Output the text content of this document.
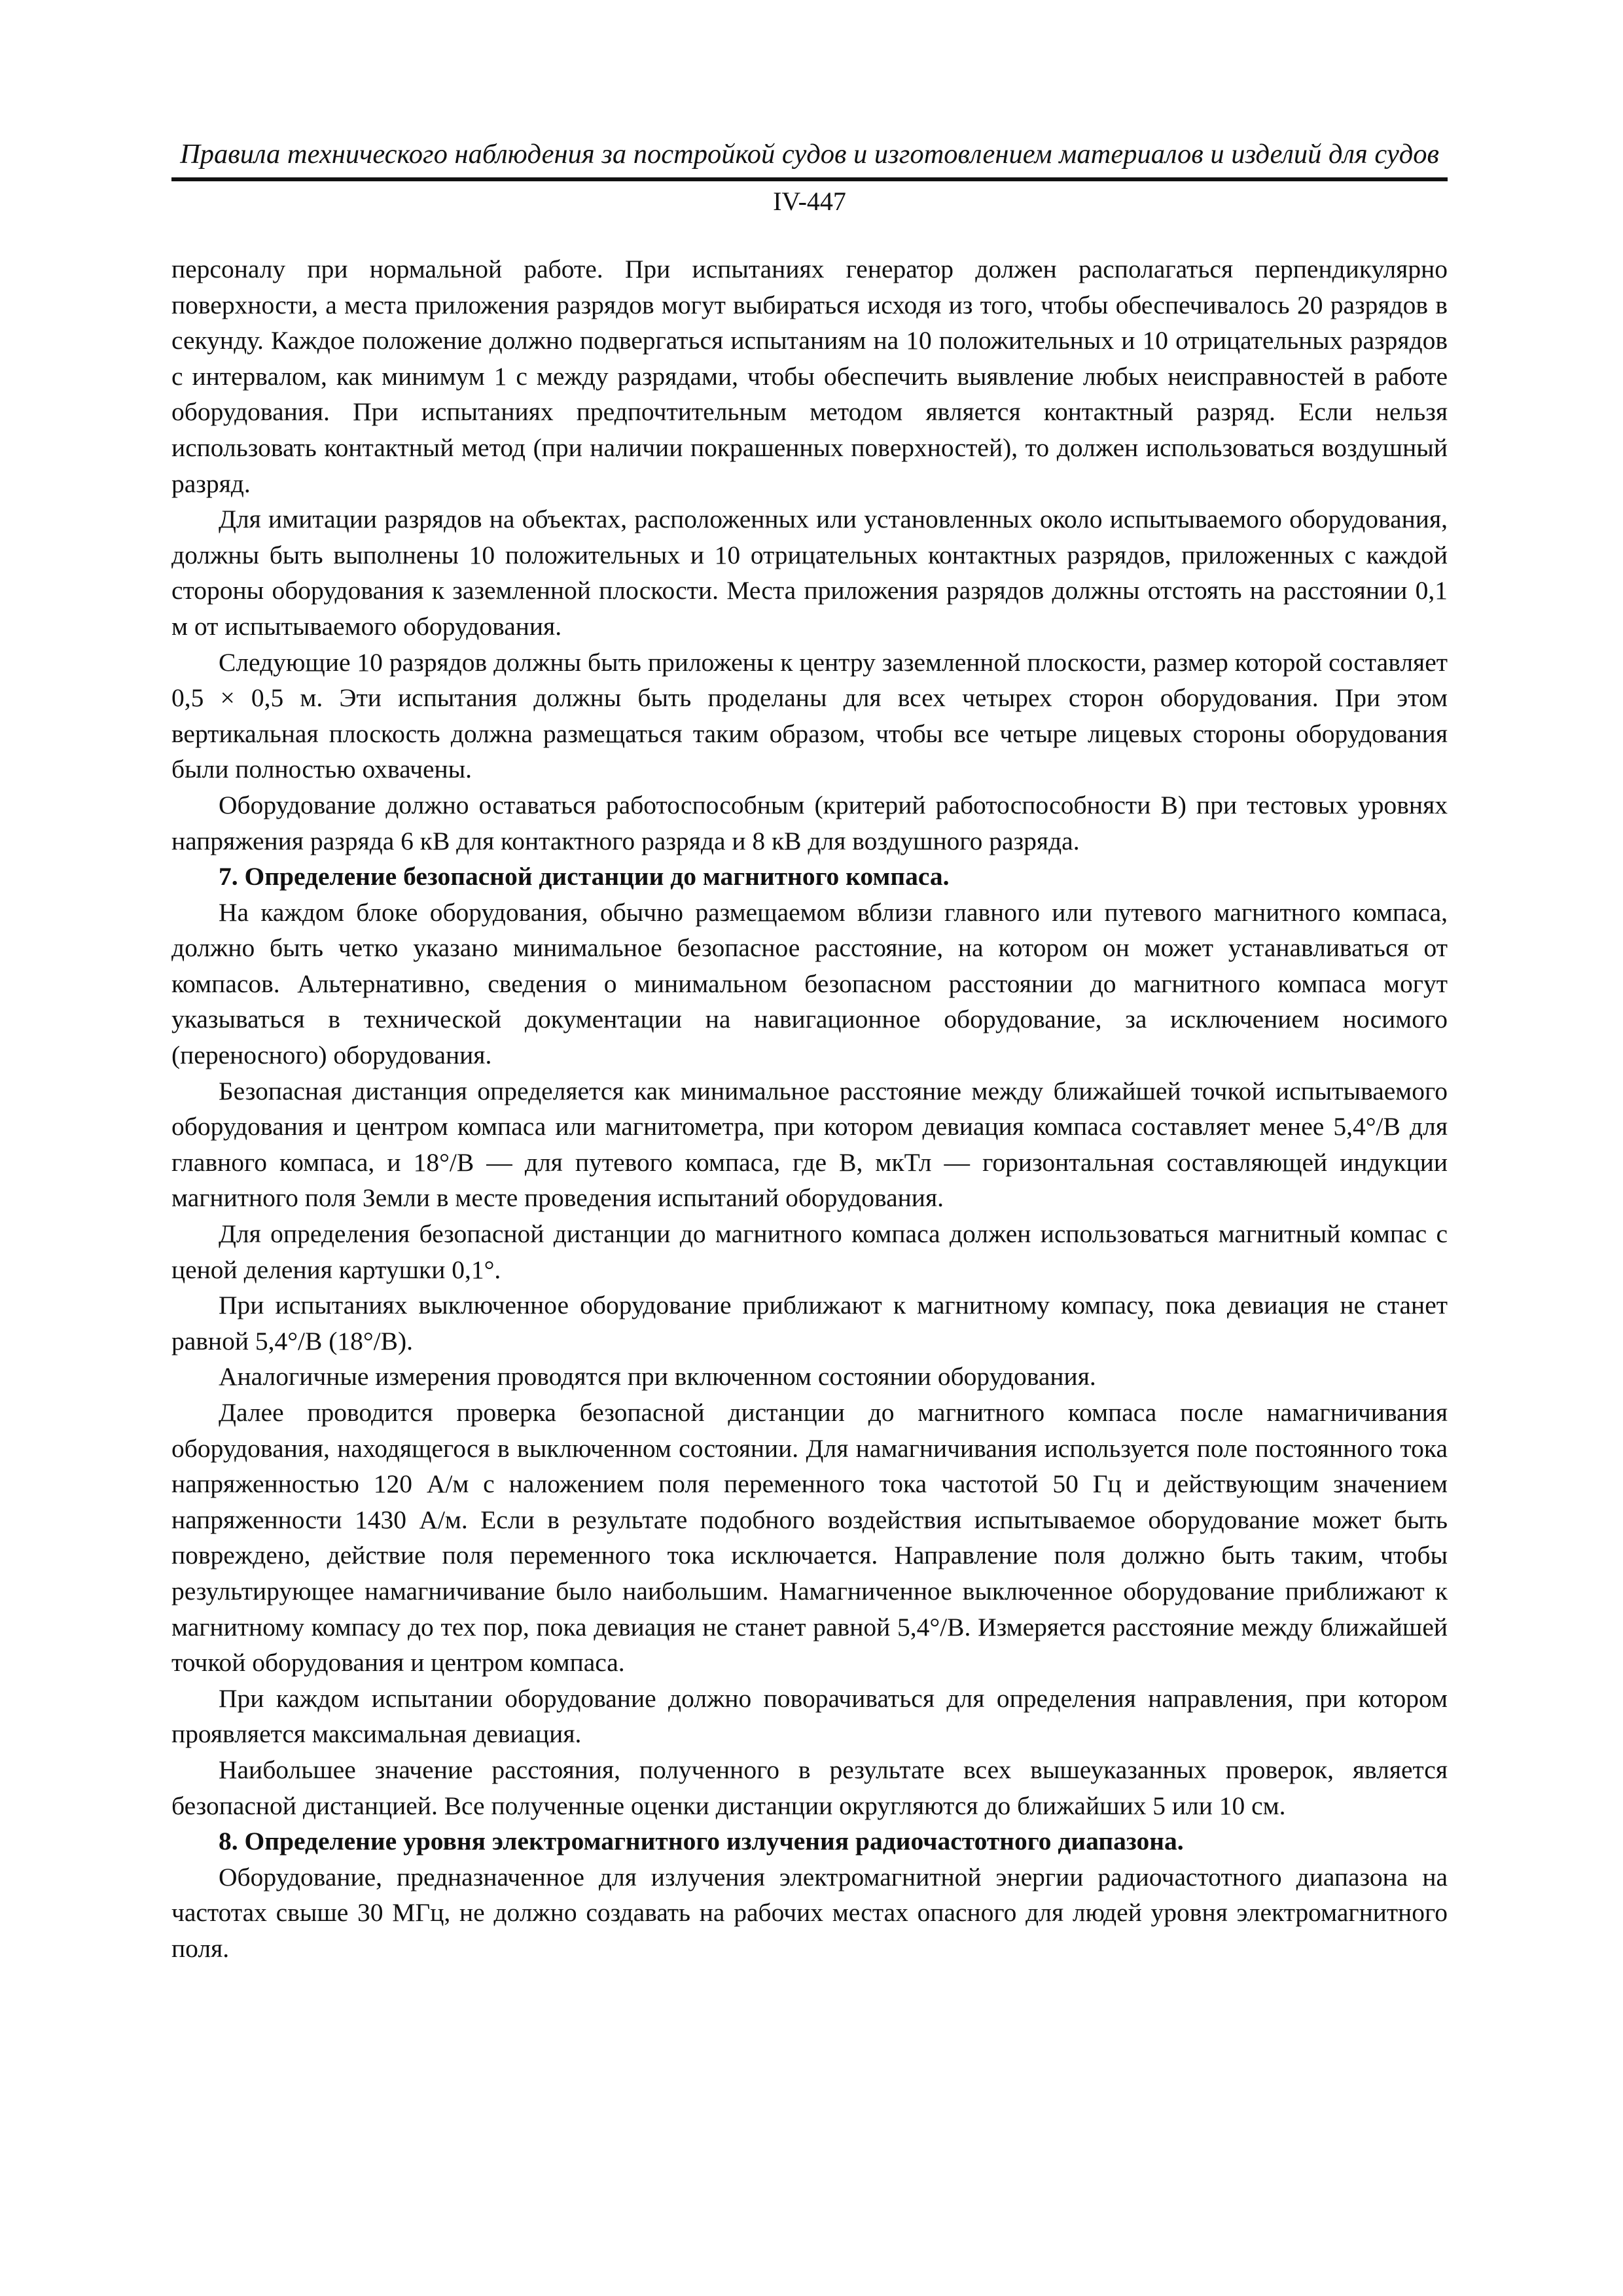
Правила технического наблюдения за постройкой судов и изготовлением материалов и изделий для судов
IV-447

персоналу при нормальной работе. При испытаниях генератор должен располагаться перпендикулярно поверхности, а места приложения разрядов могут выбираться исходя из того, чтобы обеспечивалось 20 разрядов в секунду. Каждое положение должно подвергаться испытаниям на 10 положительных и 10 отрицательных разрядов с интервалом, как минимум 1 с между разрядами, чтобы обеспечить выявление любых неисправностей в работе оборудования. При испытаниях предпочтительным методом является контактный разряд. Если нельзя использовать контактный метод (при наличии покрашенных поверхностей), то должен использоваться воздушный разряд.

Для имитации разрядов на объектах, расположенных или установленных около испытываемого оборудования, должны быть выполнены 10 положительных и 10 отрицательных контактных разрядов, приложенных с каждой стороны оборудования к заземленной плоскости. Места приложения разрядов должны отстоять на расстоянии 0,1 м от испытываемого оборудования.

Следующие 10 разрядов должны быть приложены к центру заземленной плоскости, размер которой составляет 0,5 × 0,5 м. Эти испытания должны быть проделаны для всех четырех сторон оборудования. При этом вертикальная плоскость должна размещаться таким образом, чтобы все четыре лицевых стороны оборудования были полностью охвачены.

Оборудование должно оставаться работоспособным (критерий работоспособности В) при тестовых уровнях напряжения разряда 6 кВ для контактного разряда и 8 кВ для воздушного разряда.

7. Определение безопасной дистанции до магнитного компаса.

На каждом блоке оборудования, обычно размещаемом вблизи главного или путевого магнитного компаса, должно быть четко указано минимальное безопасное расстояние, на котором он может устанавливаться от компасов. Альтернативно, сведения о минимальном безопасном расстоянии до магнитного компаса могут указываться в технической документации на навигационное оборудование, за исключением носимого (переносного) оборудования.

Безопасная дистанция определяется как минимальное расстояние между ближайшей точкой испытываемого оборудования и центром компаса или магнитометра, при котором девиация компаса составляет менее 5,4°/B для главного компаса, и 18°/B — для путевого компаса, где B, мкТл — горизонтальная составляющей индукции магнитного поля Земли в месте проведения испытаний оборудования.

Для определения безопасной дистанции до магнитного компаса должен использоваться магнитный компас с ценой деления картушки 0,1°.

При испытаниях выключенное оборудование приближают к магнитному компасу, пока девиация не станет равной 5,4°/B (18°/B).

Аналогичные измерения проводятся при включенном состоянии оборудования.

Далее проводится проверка безопасной дистанции до магнитного компаса после намагничивания оборудования, находящегося в выключенном состоянии. Для намагничивания используется поле постоянного тока напряженностью 120 А/м с наложением поля переменного тока частотой 50 Гц и действующим значением напряженности 1430 А/м. Если в результате подобного воздействия испытываемое оборудование может быть повреждено, действие поля переменного тока исключается. Направление поля должно быть таким, чтобы результирующее намагничивание было наибольшим. Намагниченное выключенное оборудование приближают к магнитному компасу до тех пор, пока девиация не станет равной 5,4°/B. Измеряется расстояние между ближайшей точкой оборудования и центром компаса.

При каждом испытании оборудование должно поворачиваться для определения направления, при котором проявляется максимальная девиация.

Наибольшее значение расстояния, полученного в результате всех вышеуказанных проверок, является безопасной дистанцией. Все полученные оценки дистанции округляются до ближайших 5 или 10 см.

8. Определение уровня электромагнитного излучения радиочастотного диапазона.

Оборудование, предназначенное для излучения электромагнитной энергии радиочастотного диапазона на частотах свыше 30 МГц, не должно создавать на рабочих местах опасного для людей уровня электромагнитного поля.
